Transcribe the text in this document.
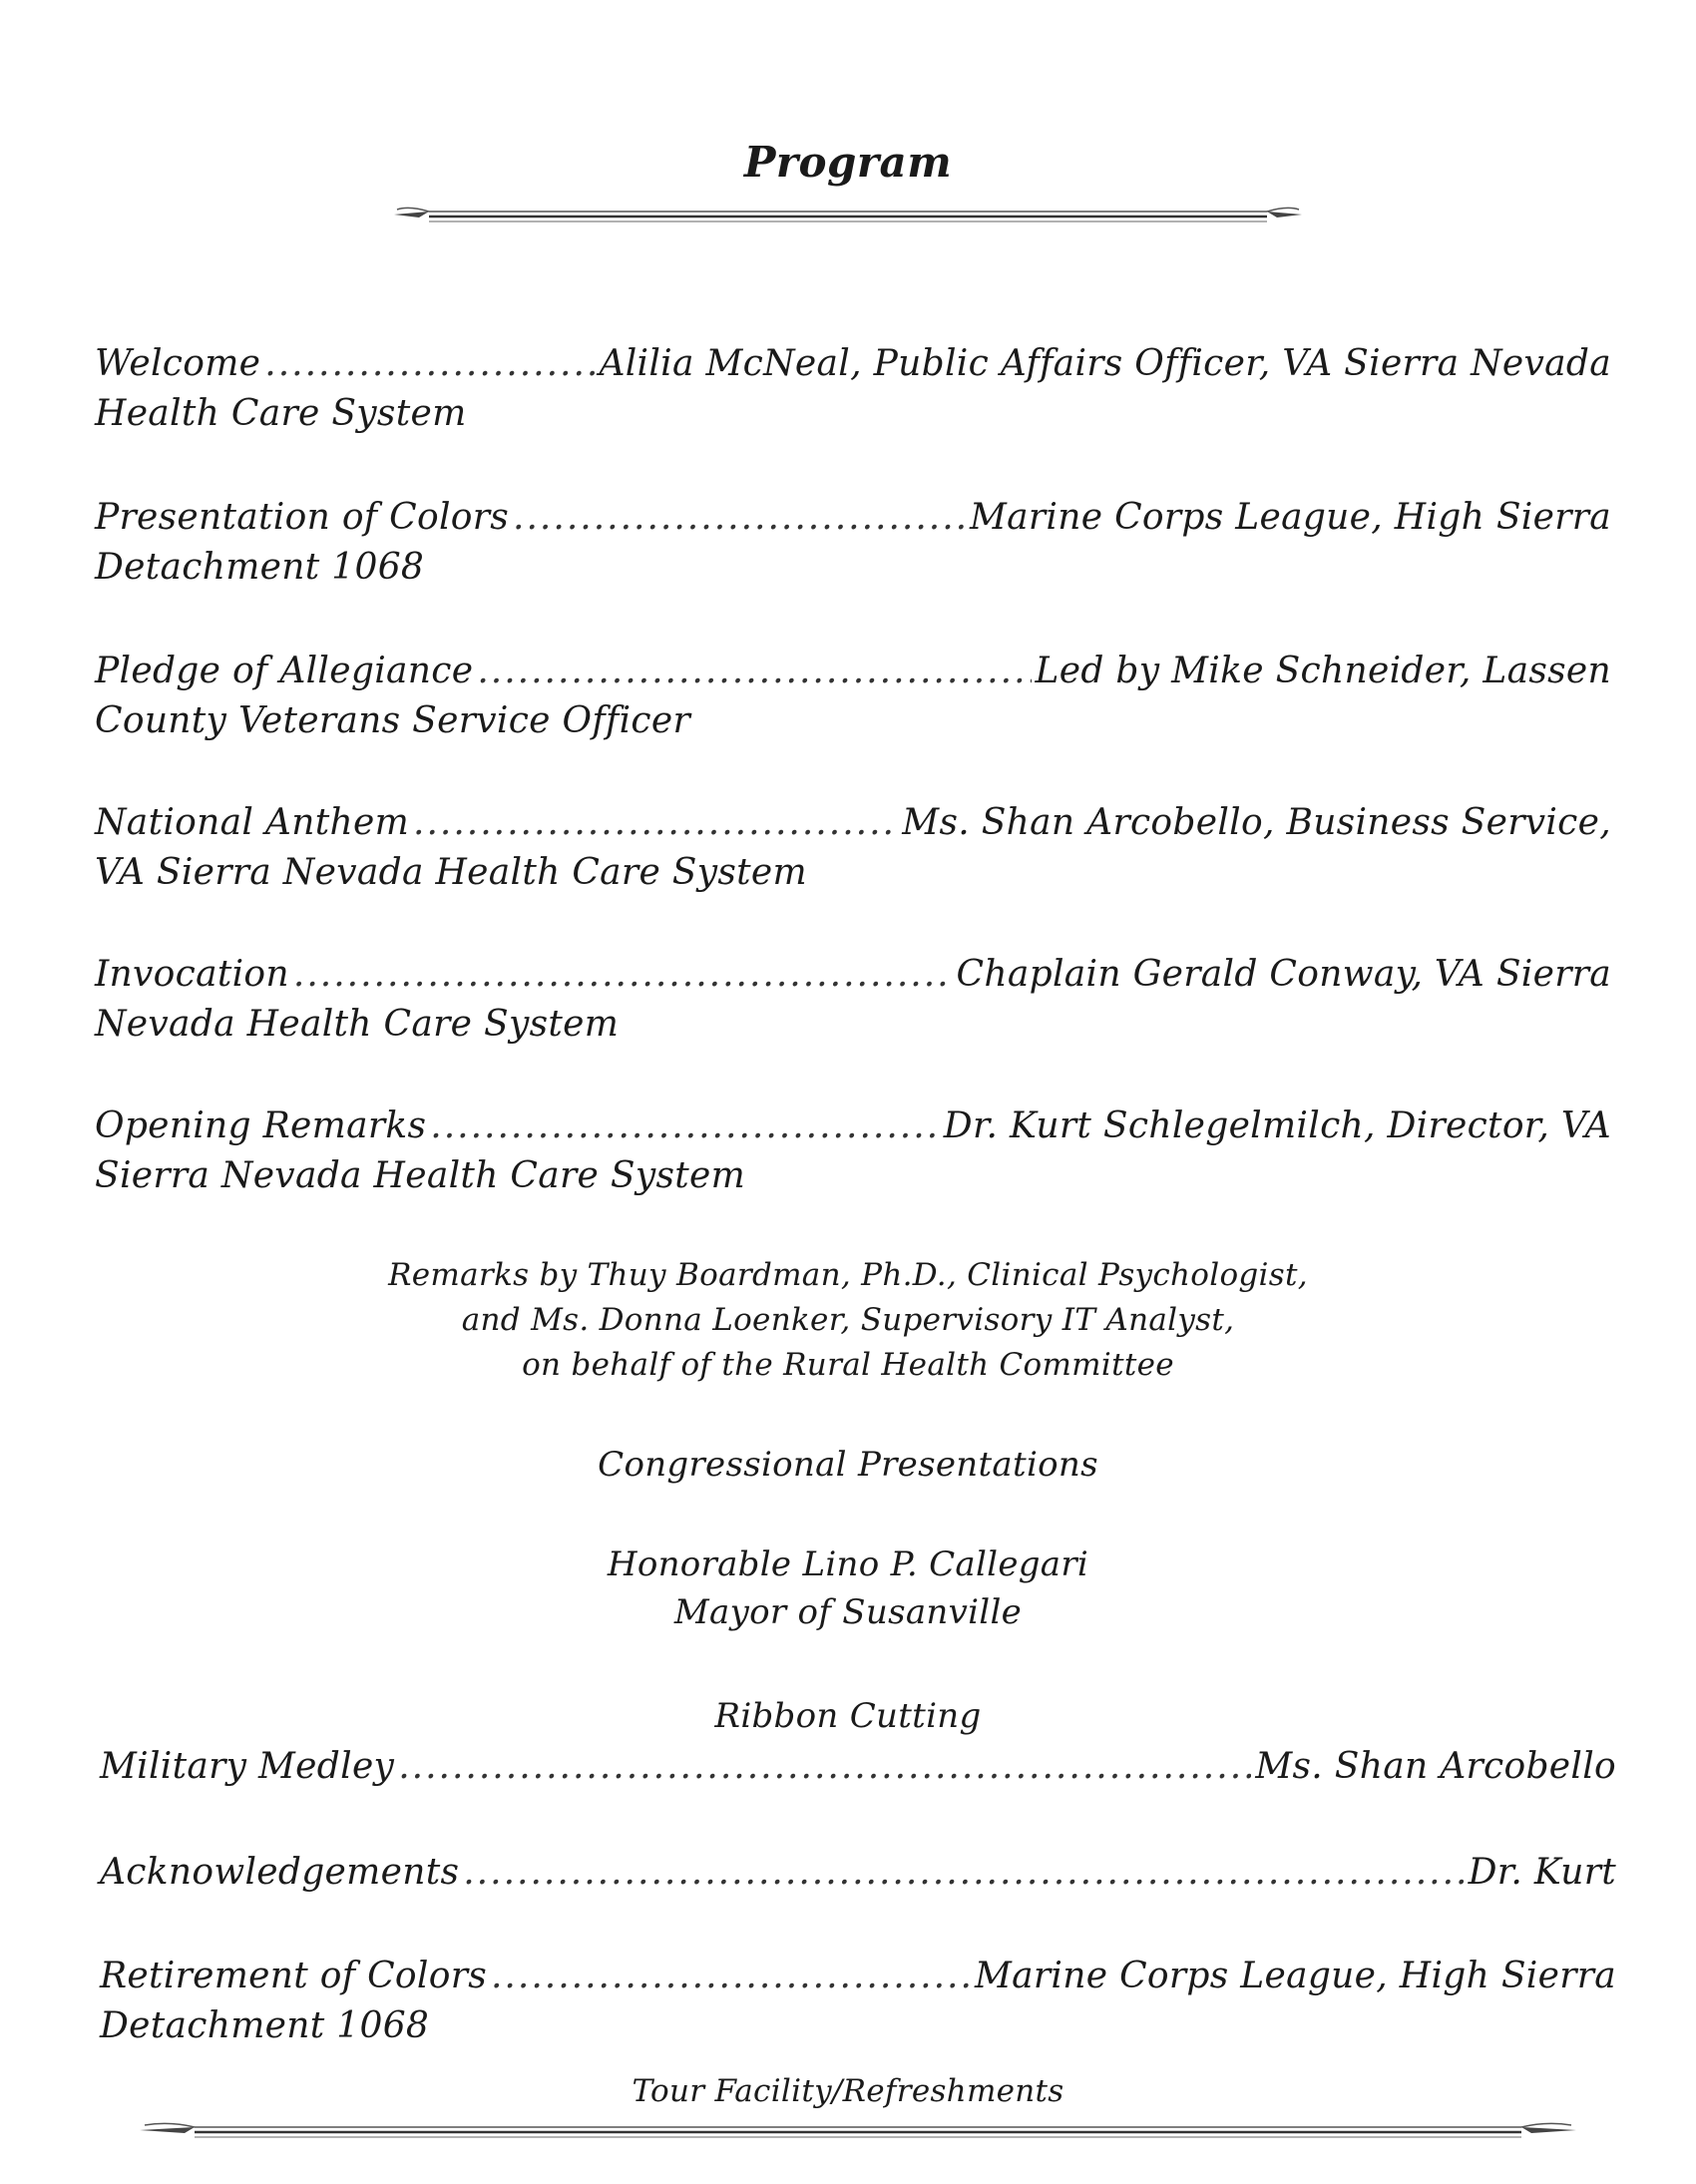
Program
Welcome .....	Alilia McNeal, Public Affairs Officer, VA Sierra Nevada
Health Care System
Presentation of Colors .....	Marine Corps League, High Sierra
Detachment 1068
Pledge of Allegiance .....	Led by Mike Schneider, Lassen
County Veterans Service Officer
National Anthem .....	Ms. Shan Arcobello, Business Service,
VA Sierra Nevada Health Care System
Invocation .....	Chaplain Gerald Conway, VA Sierra
Nevada Health Care System
Opening Remarks .....	Dr. Kurt Schlegelmilch, Director, VA
Sierra Nevada Health Care System
Remarks by Thuy Boardman, Ph.D., Clinical Psychologist,
and Ms. Donna Loenker, Supervisory IT Analyst,
on behalf of the Rural Health Committee
Congressional Presentations
Honorable Lino P. Callegari
Mayor of Susanville
Ribbon Cutting
Military Medley .....	Ms. Shan Arcobello
Acknowledgements .....	Dr. Kurt
Retirement of Colors .....	Marine Corps League, High Sierra
Detachment 1068
Tour Facility/Refreshments
